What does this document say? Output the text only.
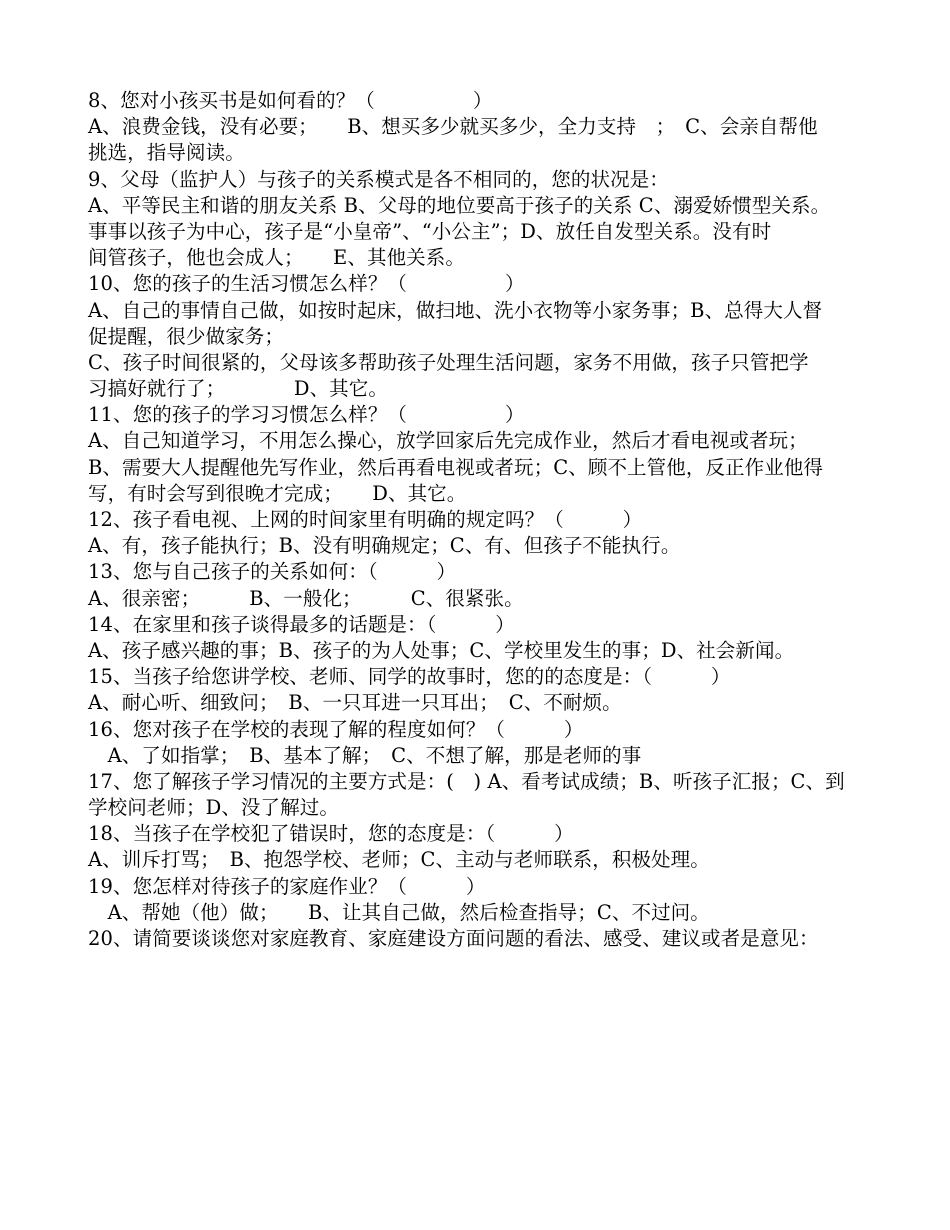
8、您对小孩买书是如何看的？（　　　　　）
A、浪费金钱，没有必要；　　B、想买多少就买多少，全力支持　；　C、会亲自帮他
挑选，指导阅读。
9、父母（监护人）与孩子的关系模式是各不相同的，您的状况是：
A、平等民主和谐的朋友关系 B、父母的地位要高于孩子的关系 C、溺爱娇惯型关系。
事事以孩子为中心，孩子是“小皇帝”、“小公主”；D、放任自发型关系。没有时
间管孩子，他也会成人；　　E、其他关系。
10、您的孩子的生活习惯怎么样？（　　　　　）
A、自己的事情自己做，如按时起床，做扫地、洗小衣物等小家务事；B、总得大人督
促提醒，很少做家务；
C、孩子时间很紧的，父母该多帮助孩子处理生活问题，家务不用做，孩子只管把学
习搞好就行了；　　　　D、其它。
11、您的孩子的学习习惯怎么样？（　　　　　）
A、自己知道学习，不用怎么操心，放学回家后先完成作业，然后才看电视或者玩；
B、需要大人提醒他先写作业，然后再看电视或者玩；C、顾不上管他，反正作业他得
写，有时会写到很晚才完成；　　D、其它。
12、孩子看电视、上网的时间家里有明确的规定吗？（　　　）
A、有，孩子能执行；B、没有明确规定；C、有、但孩子不能执行。
13、您与自己孩子的关系如何：（　　　）
A、很亲密；　　　B、一般化；　　　C、很紧张。
14、在家里和孩子谈得最多的话题是：（　　　）
A、孩子感兴趣的事；B、孩子的为人处事；C、学校里发生的事；D、社会新闻。
15、当孩子给您讲学校、老师、同学的故事时，您的的态度是：（　　　）
A、耐心听、细致问；　B、一只耳进一只耳出；　C、不耐烦。
16、您对孩子在学校的表现了解的程度如何？（　　　）
　A、了如指掌；　B、基本了解；　C、不想了解，那是老师的事
17、您了解孩子学习情况的主要方式是：(　) A、看考试成绩；B、听孩子汇报；C、到
学校问老师；D、没了解过。
18、当孩子在学校犯了错误时，您的态度是：（　　　）
A、训斥打骂；　B、抱怨学校、老师；C、主动与老师联系，积极处理。
19、您怎样对待孩子的家庭作业？（　　　）
　A、帮她（他）做；　　B、让其自己做，然后检查指导；C、不过问。
20、请简要谈谈您对家庭教育、家庭建设方面问题的看法、感受、建议或者是意见：
